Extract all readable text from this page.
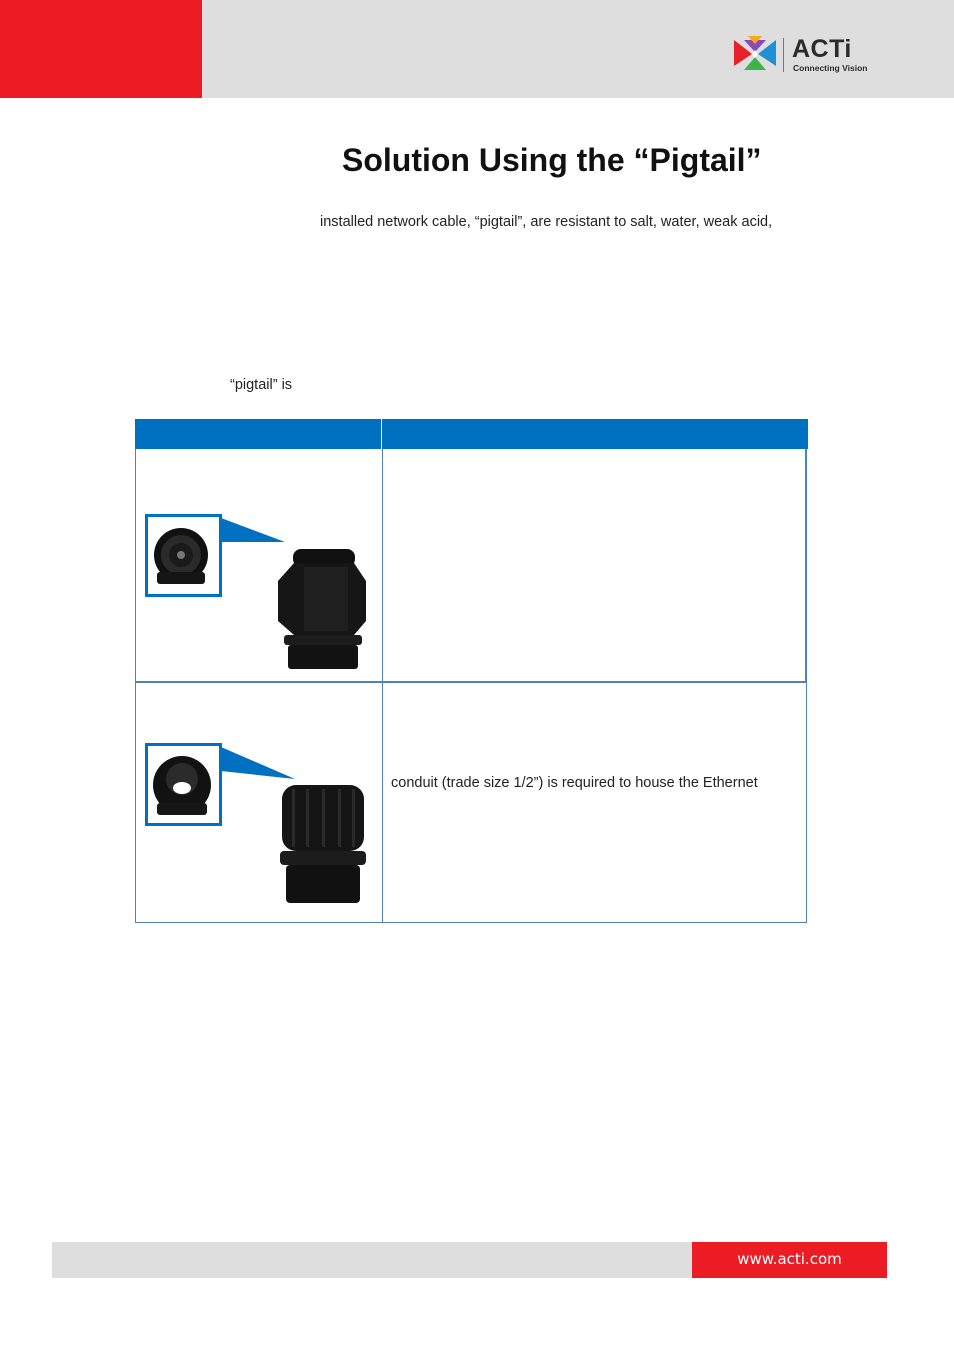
ACTi
Connecting Vision
Solution Using the “Pigtail”
installed network cable, “pigtail”, are resistant to salt, water, weak acid,
“pigtail” is
conduit (trade size 1/2”) is required to house the Ethernet
www.acti.com
